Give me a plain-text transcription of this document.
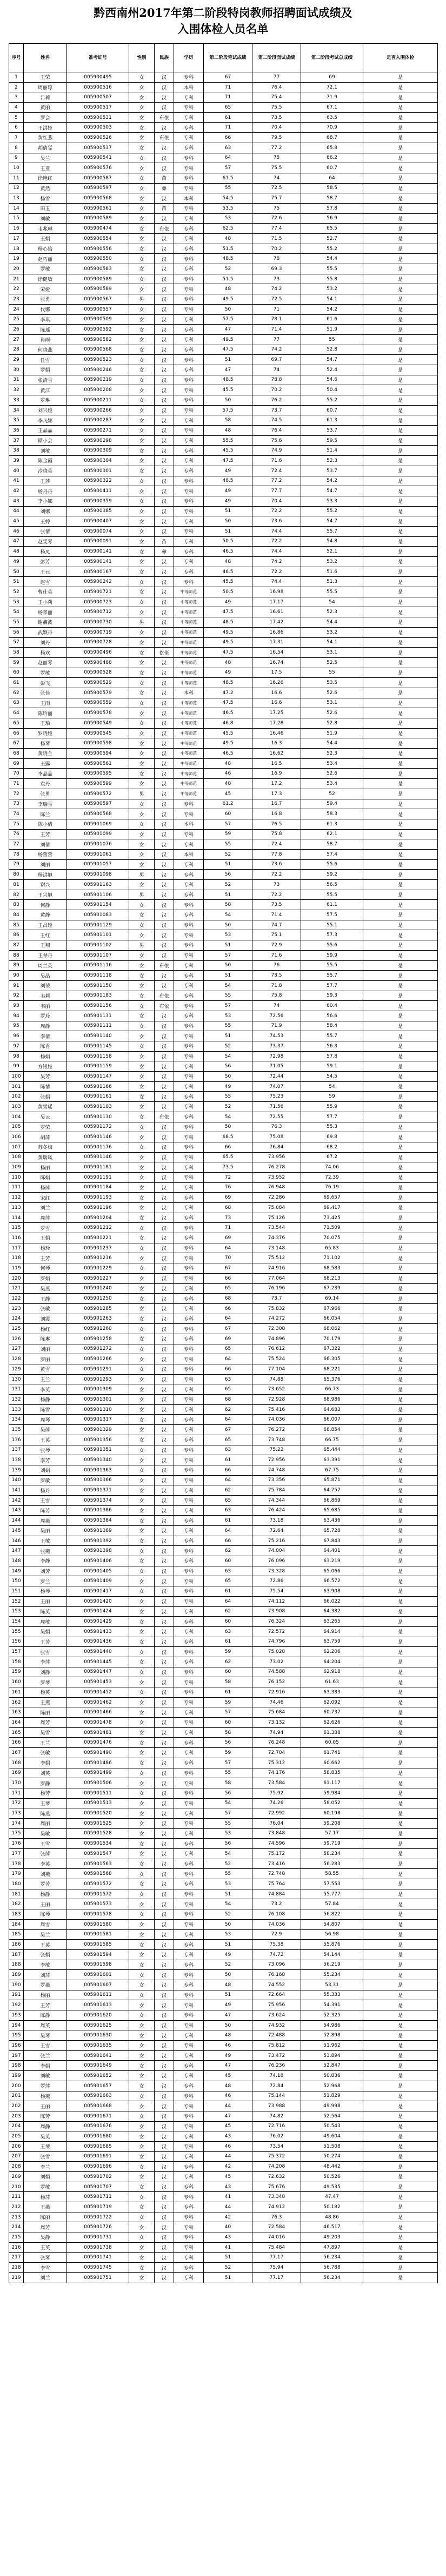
黔西南州2017年第二阶段特岗教师招聘面试成绩及
入围体检人员名单
序号	姓名	准考证号	性别	民族	学历	第二阶段笔试成绩	第二阶段面试成绩	第二阶段考试总成绩	是否入围体检
1	王荣	005900495	女	汉	专科	67	77	69	是
2	周丽琼	005900516	女	汉	本科	71	76.4	72.1	是
3	吕莉	005900507	女	汉	专科	71	75.4	71.9	是
4	黄丽	005900517	女	汉	专科	65	75.5	67.1	是
5	罗会	005900531	女	布依	专科	61	73.5	63.5	是
6	王洪娅	005900503	女	汉	专科	71	70.4	70.9	是
7	黄红燕	005900526	女	布依	专科	66	79.5	68.7	是
8	胡倩雯	005900537	女	汉	专科	63	77.2	65.8	是
9	吴兰	005900541	女	汉	专科	64	75	66.2	是
10	王亚	005900576	女	汉	专科	57	75.5	60.7	是
11	徐艳红	005900587	女	苗	专科	61.5	74	64	是
12	黄然	005900597	女	彝	专科	55	72.5	58.5	是
13	杨雪	005900568	女	汉	本科	54.5	75.7	58.7	是
14	田玉	005900561	女	苗	专科	53.5	75	57.8	是
15	刘敏	005900589	女	汉	专科	53	72.6	56.9	是
16	韦兆琳	005900474	女	布依	专科	62.5	77.4	65.5	是
17	王娟	005900554	女	汉	专科	48	71.5	52.7	是
18	杨心怡	005900556	女	汉	专科	51.5	70.2	55.2	是
19	赵巧丽	005900550	女	汉	专科	48.5	78	54.4	是
20	罗敏	005900583	女	汉	专科	52	69.3	55.5	是
21	徐健敏	005900589	女	汉	专科	51.5	73	55.8	是
22	宋娅	005900589	女	汉	专科	48	74.2	53.2	是
23	张勇	005900567	男	汉	专科	49.5	72.5	54.1	是
24	代娜	005900557	女	汉	专科	50	71	54.2	是
25	李琪	005900509	女	汉	专科	57.5	78.1	61.6	是
26	陈瑶	005900592	女	汉	专科	47	71.4	51.9	是
27	肖雨	005900582	女	汉	专科	49.5	77	55	是
28	何晓燕	005900568	女	汉	专科	47.5	74.2	52.8	是
29	任雪	005900523	女	汉	专科	51	69.7	54.7	是
30	罗娟	005900246	女	汉	专科	47	74	52.4	是
31	张清雪	005900219	女	汉	专科	48.5	78.8	54.6	是
32	黄江	005900208	女	汉	专科	45.5	70.2	50.4	是
33	罗琳	005900211	女	汉	专科	50	76.2	55.2	是
34	刘兴娅	005900266	女	汉	专科	57.5	73.7	60.7	是
35	李凡娜	005900287	女	汉	专科	58	74.5	61.3	是
36	王晶晶	005900271	女	汉	专科	48	76.4	53.7	是
37	谭小会	005900298	女	汉	专科	55.5	75.6	59.5	是
38	刘敏	005900309	女	汉	专科	45.5	74.9	51.4	是
39	陈金霞	005900304	女	汉	专科	47.5	71.6	52.3	是
40	冷晓英	005900301	女	汉	专科	49	72.4	53.7	是
41	王莎	005900322	女	汉	专科	48.5	77.2	54.2	是
42	杨丹丹	005900411	女	汉	专科	49	77.7	54.7	是
43	李小娜	005900359	女	汉	专科	49	70.4	53.3	是
44	刘娜	005900385	女	汉	专科	51	72.2	55.2	是
45	王婷	005900407	女	汉	专科	50	73.6	54.7	是
46	张倩	005900074	女	汉	专科	51	74.4	55.7	是
47	赵雯琴	005900091	女	苗	专科	50.5	72.2	54.8	是
48	杨凤	005900141	女	彝	专科	46.5	74.4	52.1	是
49	彭芳	005900141	女	汉	专科	48	74.2	53.2	是
50	王元	005900167	女	汉	专科	46.5	72.2	51.6	是
51	赵雪	005900242	女	汉	专科	45.5	74.4	51.3	是
52	曹仕英	005900721	女	汉	中等师范	50.5	16.98	55.5	是
53	王小莉	005900723	女	汉	中等师范	49	17.17	54	是
54	杨孝丽	005900712	女	汉	中等师范	47.5	16.61	52.3	是
55	谢鑫波	005900730	男	汉	中等师范	48.5	17.42	54.4	是
56	武颖丹	005900719	女	汉	中等师范	49.5	16.86	53.2	是
57	刘丹	005900728	女	汉	中等师范	49.5	17.31	54.1	是
58	杨欢	005900496	女	仡佬	中等师范	47.5	16.54	53.1	是
59	赵丽琴	005900488	女	汉	中等师范	48	16.74	52.5	是
60	罗敏	005900528	女	汉	中等师范	49	17.5	55	是
61	彭飞	005900529	女	汉	中等师范	48.5	16.26	53.5	是
62	张佳	005900579	女	汉	本科	47.2	16.6	52.6	是
63	王雨	005900559	女	汉	中等师范	47.5	16.6	53.1	是
64	陈玲丽	005900578	女	汉	中等师范	46.5	17.25	52.6	是
65	王瑜	005900549	女	汉	中等师范	46.8	17.28	52.8	是
66	罗晓娅	005900545	女	汉	中等师范	45.5	16.46	51.9	是
67	杨琴	005900598	女	汉	中等师范	49.5	16.3	54.4	是
68	黄晓兰	005900594	女	汉	中等师范	46.5	16.62	52.3	是
69	王露	005900561	女	汉	中等师范	48	16.5	53.4	是
70	李晶晶	005900595	女	汉	中等师范	46	16.9	52.6	是
71	袁丹	005900599	女	汉	中等师范	48	17.2	53.4	是
72	张勇	005900572	男	汉	中等师范	45	17.3	52	是
73	李瑞雪	005900597	女	汉	专科	61.2	16.7	59.4	是
74	陈兰	005900568	女	汉	专科	60	16.8	58.3	是
75	陈小倩	005901069	女	汉	本科	57	76.5	61.3	是
76	王芳	005901099	女	汉	专科	59	75.8	62.1	是
77	刘倩	005901076	女	汉	专科	55	72.4	58.7	是
78	杨蕾蕾	005901061	女	汉	本科	52	77.8	57.4	是
79	刘丽	005901057	女	汉	专科	51	73.6	55.6	是
80	杨洪旭	005901098	男	汉	专科	56	72.2	59.2	是
81	谢兴	005901163	女	汉	专科	52	73	56.5	是
82	王兴旭	005901106	男	汉	专科	51	72.2	55.5	是
83	何静	005901154	女	汉	专科	58	73.5	61.1	是
84	黄静	005901083	女	汉	专科	54	71.4	57.5	是
85	王昌娅	005901129	女	汉	专科	50	74.7	55.1	是
86	王红	005901101	女	汉	专科	53	75.1	57.3	是
87	王翔	005901102	男	汉	专科	51	72.9	55.6	是
88	王琴丹	005901107	女	汉	专科	57	71.6	59.9	是
89	周兰英	005901116	女	布依	专科	50	76	55.5	是
90	吴晶	005901118	女	汉	专科	51	73.5	55.7	是
91	刘荣	005901150	女	汉	专科	54	71.8	57.7	是
92	韦莉	005901183	女	布依	专科	55	75.8	59.3	是
93	韦丽	005901156	女	布依	专科	57	74	60.4	是
94	罗玲	005901131	女	汉	专科	53	72.56	56.6	是
95	周静	005901111	女	汉	专科	55	71.9	58.4	是
96	李倩	005901140	女	汉	专科	51	74.53	55.7	是
97	陈香	005901145	女	汉	专科	52	73.37	56.3	是
98	杨娟	005901158	女	汉	专科	54	72.98	57.8	是
99	方银娅	005901159	女	汉	专科	56	71.05	59.1	是
100	吴芳	005901147	女	汉	专科	50	72.44	54.5	是
101	陈情	005901166	女	汉	专科	49	74.07	54	是
102	张娟	005901161	女	汉	专科	55	75.23	59	是
103	黄雪瑶	005901103	女	汉	专科	52	71.56	55.9	是
104	吴云	005901130	女	布依	专科	54	72.55	57.7	是
105	罗荣	005901172	女	汉	专科	50	76.3	55.3	是
106	胡萍	005901146	女	汉	专科	68.5	75.08	69.8	是
107	苏冬梅	005901176	女	汉	专科	66	76.84	68.2	是
108	黄瑞凤	005901146	女	汉	专科	65.5	73.956	67.2	是
109	杨丽	005901181	女	汉	专科	73.5	76.278	74.06	是
110	陈娟	005901191	女	汉	专科	72	73.952	72.39	是
111	杨萍	005901184	女	汉	专科	76	76.948	76.19	是
112	宋红	005901193	女	汉	专科	69	72.286	69.657	是
113	刘兰	005901196	女	汉	专科	68	75.084	69.417	是
114	周萍	005901204	女	汉	专科	73	75.126	73.425	是
115	罗雪	005901212	女	汉	专科	71	73.544	71.509	是
116	王娟	005901221	女	汉	专科	69	74.376	70.075	是
117	杨玲	005901237	女	汉	专科	64	73.148	65.83	是
118	王芳	005901236	女	汉	专科	70	75.512	71.102	是
119	何琴	005901229	女	汉	专科	67	74.916	68.583	是
120	罗娟	005901227	女	汉	专科	66	77.064	68.213	是
121	吴燕	005901240	女	汉	专科	65	76.196	67.239	是
122	王静	005901250	女	汉	专科	68	73.7	69.14	是
123	张敏	005901285	女	汉	专科	66	75.832	67.966	是
124	刘霞	005901263	女	汉	专科	64	74.272	66.054	是
125	杨红	005901260	女	汉	专科	67	72.308	68.062	是
126	陈琳	005901258	女	汉	专科	69	74.896	70.179	是
127	刘丽	005901272	女	汉	专科	65	76.612	67.322	是
128	罗丽	005901266	女	汉	专科	64	75.524	66.305	是
129	黄雪	005901291	女	汉	专科	66	77.104	68.221	是
130	王兰	005901293	女	汉	专科	63	74.88	65.376	是
131	李英	005901309	女	汉	专科	65	73.652	66.73	是
132	杨静	005901301	女	汉	专科	68	72.928	68.986	是
133	陈雪	005901310	女	汉	专科	62	75.416	64.683	是
134	周琴	005901317	女	汉	专科	64	74.036	66.007	是
135	吴萍	005901329	女	汉	专科	67	76.272	68.854	是
136	王英	005901356	女	汉	专科	65	73.748	66.75	是
137	张琴	005901351	女	汉	专科	63	75.22	65.444	是
138	李芳	005901340	女	汉	专科	61	72.956	63.391	是
139	刘娟	005901363	女	汉	专科	66	74.748	67.75	是
140	罗敏	005901366	女	汉	专科	64	73.356	65.871	是
141	杨玲	005901371	女	汉	专科	62	75.784	64.757	是
142	王雪	005901374	女	汉	专科	65	74.344	66.869	是
143	陈芳	005901386	女	汉	专科	63	76.424	65.685	是
144	周燕	005901384	女	汉	专科	61	73.18	63.436	是
145	吴丽	005901389	女	汉	专科	64	72.64	65.728	是
146	王敏	005901392	女	汉	专科	66	75.216	67.843	是
147	张燕	005901398	女	汉	专科	62	74.004	64.401	是
148	李静	005901406	女	汉	专科	60	76.096	63.219	是
149	刘芳	005901405	女	汉	专科	63	73.328	65.066	是
150	罗兰	005901409	女	汉	专科	65	72.86	66.572	是
151	杨琴	005901417	女	汉	专科	61	75.54	63.908	是
152	王丽	005901420	女	汉	专科	64	74.112	66.022	是
153	陈英	005901424	女	汉	专科	62	73.908	64.382	是
154	周敏	005901429	女	汉	专科	60	76.324	63.265	是
155	吴娟	005901433	女	汉	专科	63	72.572	64.914	是
156	王芳	005901436	女	汉	专科	61	74.796	63.759	是
157	张雪	005901440	女	汉	专科	59	75.028	62.206	是
158	李萍	005901445	女	汉	专科	62	73.02	64.204	是
159	刘静	005901447	女	汉	专科	60	74.588	62.918	是
160	罗琴	005901453	女	汉	专科	58	76.152	61.63	是
161	杨英	005901452	女	汉	专科	61	72.916	63.383	是
162	王燕	005901462	女	汉	专科	59	74.46	62.092	是
163	陈丽	005901466	女	汉	专科	57	75.684	60.737	是
164	周芳	005901478	女	汉	专科	60	73.132	62.626	是
165	吴雪	005901481	女	汉	专科	58	74.94	61.388	是
166	王兰	005901476	女	汉	专科	56	76.248	60.05	是
167	张敏	005901490	女	汉	专科	59	72.704	61.741	是
168	李娟	005901486	女	汉	专科	57	75.312	60.662	是
169	刘英	005901499	女	汉	专科	55	74.176	58.835	是
170	罗静	005901506	女	汉	专科	58	73.584	61.117	是
171	杨芳	005901511	女	汉	专科	56	75.92	59.984	是
172	王琴	005901513	女	汉	专科	54	74.26	58.052	是
173	陈燕	005901520	女	汉	专科	57	72.992	60.198	是
174	周丽	005901525	女	汉	专科	55	76.04	59.208	是
175	吴敏	005901528	女	汉	专科	53	73.848	57.17	是
176	王雪	005901534	女	汉	专科	56	74.596	59.719	是
177	张萍	005901547	女	汉	专科	54	75.172	58.234	是
178	李英	005901563	女	汉	专科	52	73.416	56.283	是
179	刘燕	005901568	女	汉	专科	55	72.748	58.55	是
180	罗芳	005901572	女	汉	专科	53	75.764	57.553	是
181	杨静	005901572	女	汉	专科	51	74.884	55.777	是
182	王丽	005901573	女	汉	专科	54	73.2	57.84	是
183	陈琴	005901578	女	汉	专科	52	76.108	56.822	是
184	周雪	005901580	女	汉	专科	50	74.036	54.807	是
185	吴兰	005901581	女	汉	专科	53	72.9	56.98	是
186	王英	005901585	女	汉	专科	51	75.38	55.876	是
187	张娟	005901594	女	汉	专科	49	74.72	54.144	是
188	李敏	005901598	女	汉	专科	52	73.096	56.219	是
189	刘萍	005901601	女	汉	专科	50	76.168	55.234	是
190	罗燕	005901607	女	汉	专科	48	74.552	53.31	是
191	杨丽	005901611	女	汉	专科	51	72.664	55.333	是
192	王芳	005901613	女	汉	专科	49	75.956	54.391	是
193	陈静	005901620	女	汉	专科	47	73.624	52.325	是
194	周英	005901625	女	汉	专科	50	74.932	54.986	是
195	吴琴	005901630	女	汉	专科	48	72.488	52.898	是
196	王雪	005901635	女	汉	专科	46	75.812	51.962	是
197	张兰	005901641	女	汉	专科	49	73.472	53.894	是
198	李娟	005901649	女	汉	专科	47	76.236	52.847	是
199	刘敏	005901652	女	汉	专科	45	74.18	50.836	是
200	罗萍	005901657	女	汉	专科	48	72.84	52.968	是
201	杨燕	005901663	女	汉	专科	46	75.144	51.829	是
202	王丽	005901668	女	汉	专科	44	73.988	49.998	是
203	陈芳	005901671	女	汉	专科	47	74.82	52.564	是
204	周静	005901676	女	汉	专科	45	72.716	50.543	是
205	吴英	005901680	女	汉	专科	43	76.02	49.604	是
206	王琴	005901685	女	汉	专科	46	73.54	51.508	是
207	张雪	005901691	女	汉	专科	44	75.372	50.274	是
208	李兰	005901696	女	汉	专科	42	74.208	48.442	是
209	刘娟	005901702	女	汉	专科	45	72.632	50.526	是
210	罗敏	005901707	女	汉	专科	43	75.676	49.535	是
211	杨萍	005901711	女	汉	专科	41	73.348	47.47	是
212	王燕	005901719	女	汉	专科	44	74.912	50.182	是
213	陈丽	005901722	女	汉	专科	42	76.3	48.86	是
214	周芳	005901726	女	汉	专科	40	72.584	46.517	是
215	吴静	005901731	女	汉	专科	43	74.016	49.203	是
216	王英	005901738	女	汉	专科	41	75.484	47.897	是
217	张琴	005901741	女	汉	专科	51	77.17	56.234	是
218	李雪	005901745	女	汉	专科	52	75.94	56.788	是
219	刘兰	005901751	女	汉	专科	51	77.17	56.234	是
